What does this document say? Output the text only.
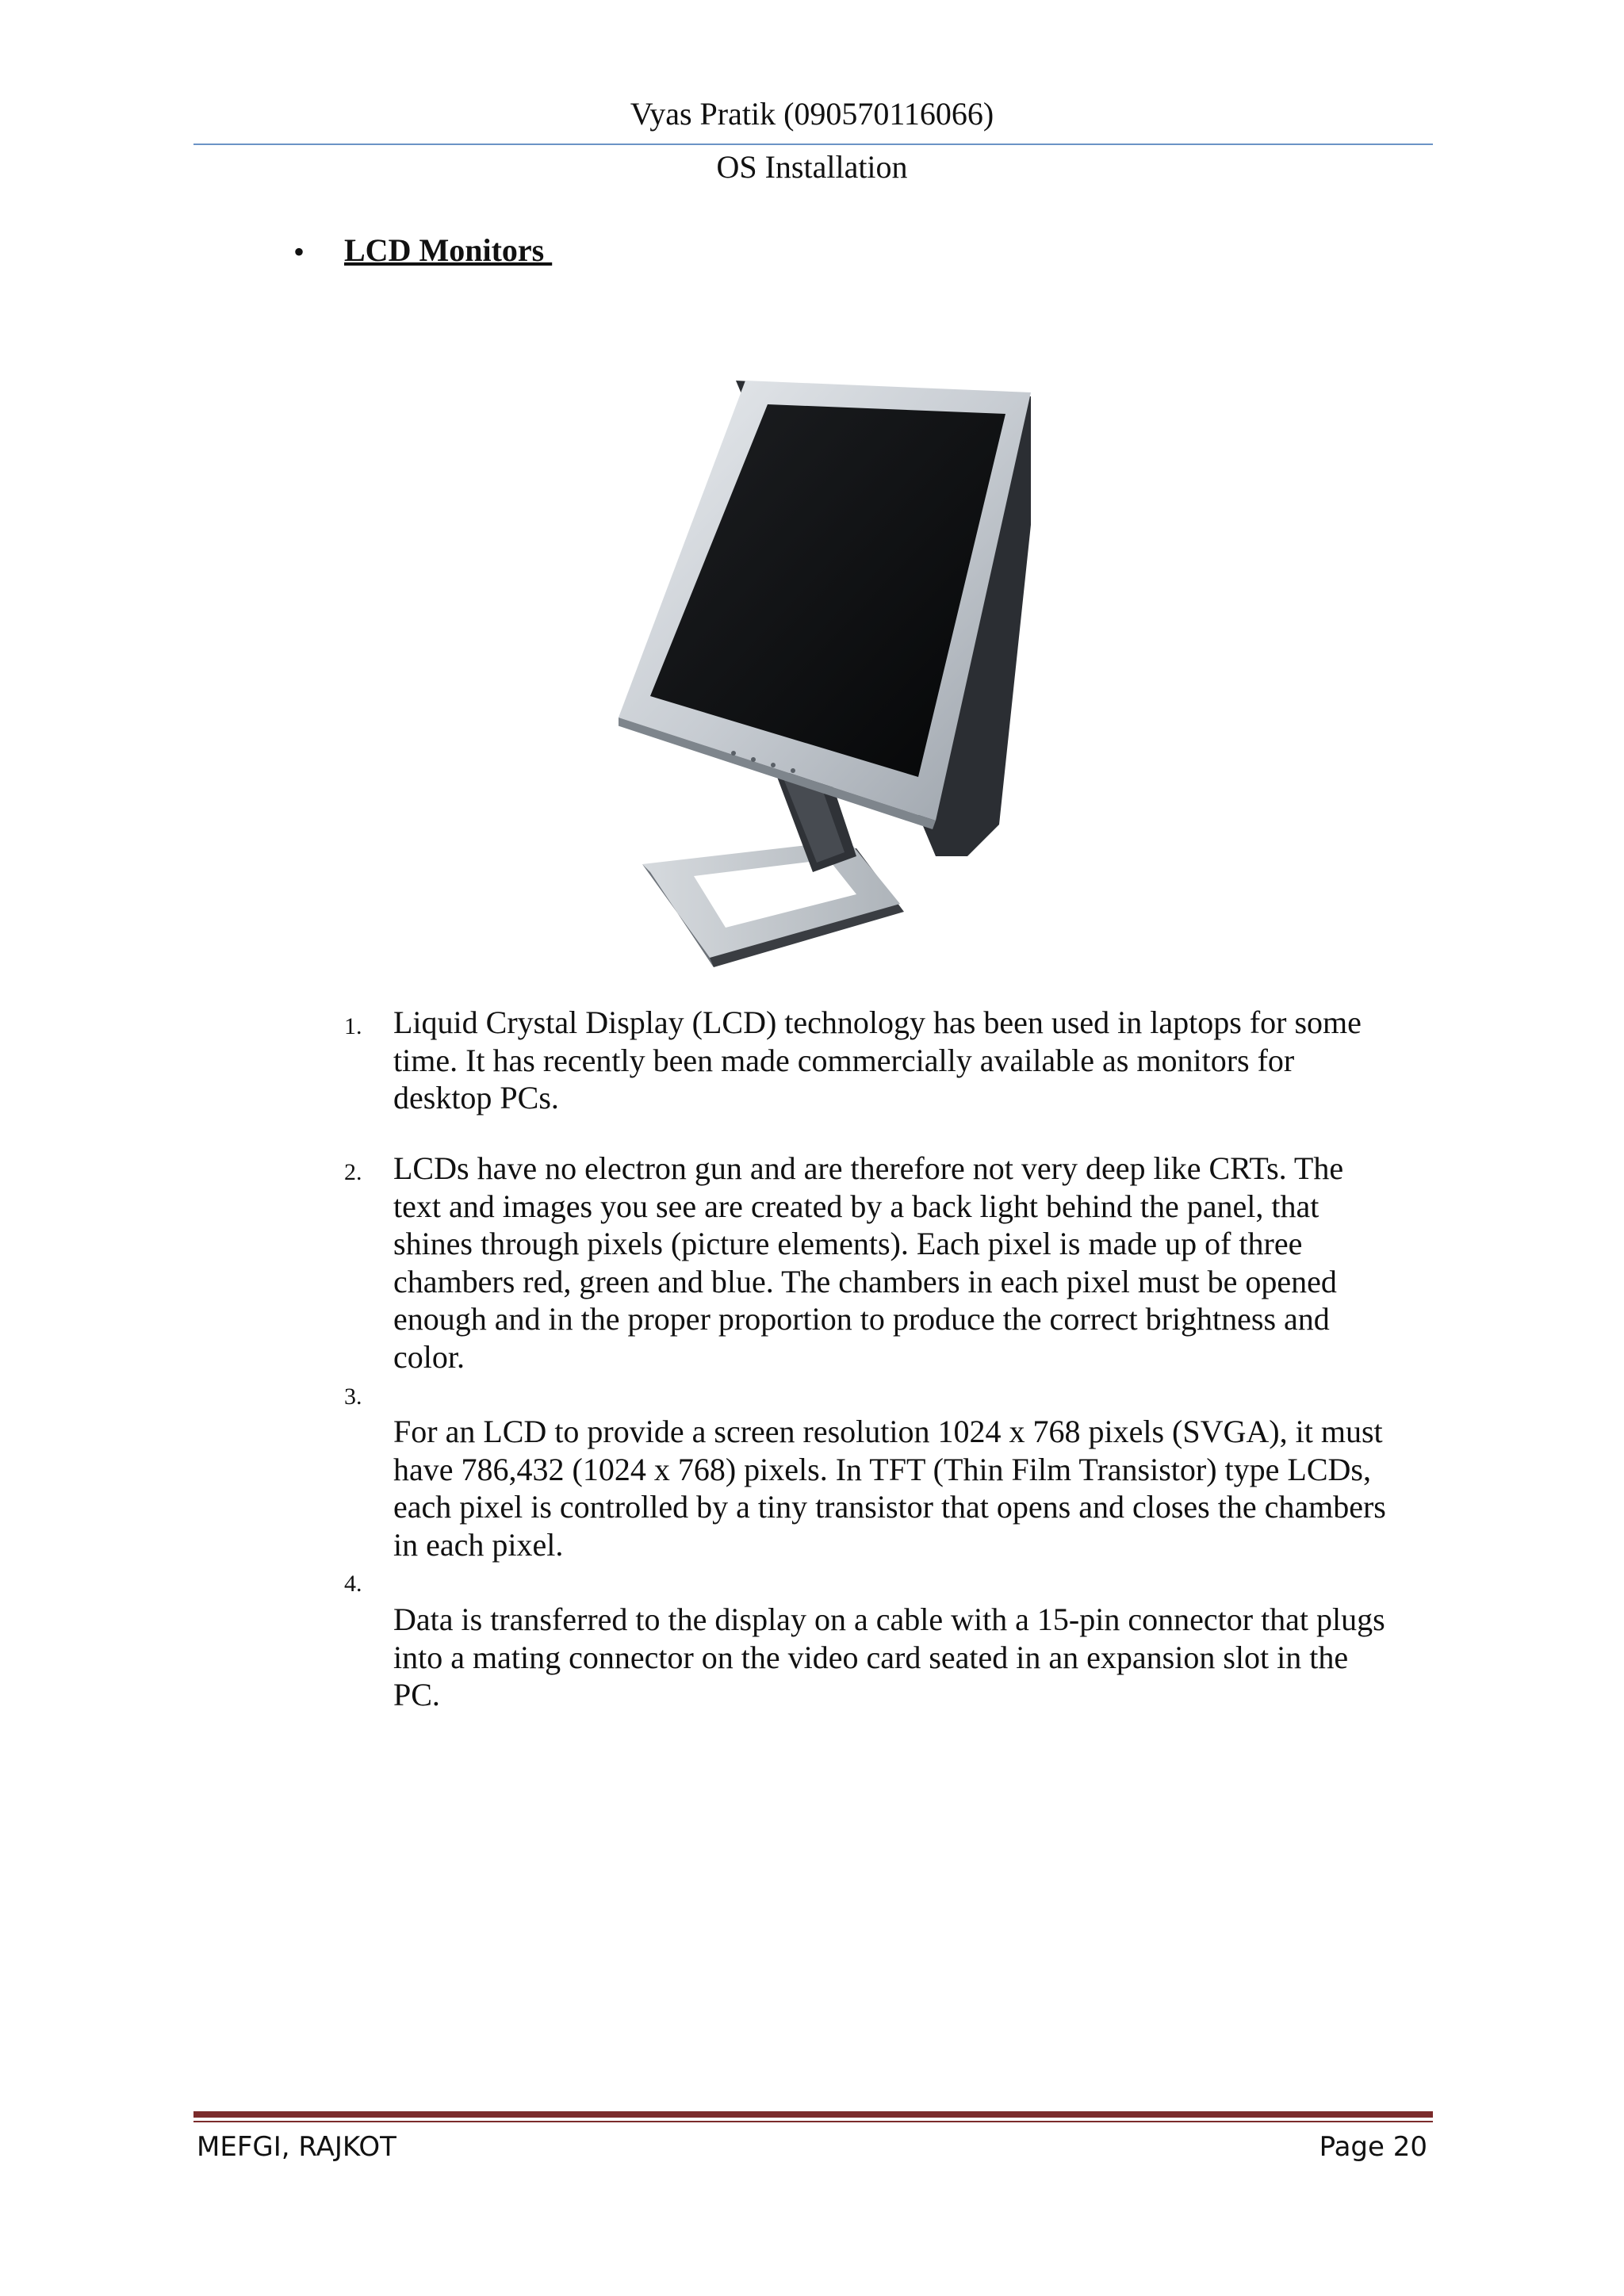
Vyas Pratik (090570116066)
OS Installation
• LCD Monitors
1. Liquid Crystal Display (LCD) technology has been used in laptops for some
time. It has recently been made commercially available as monitors for
desktop PCs.
2. LCDs have no electron gun and are therefore not very deep like CRTs. The
text and images you see are created by a back light behind the panel, that
shines through pixels (picture elements). Each pixel is made up of three
chambers red, green and blue. The chambers in each pixel must be opened
enough and in the proper proportion to produce the correct brightness and
color.
3.
For an LCD to provide a screen resolution 1024 x 768 pixels (SVGA), it must
have 786,432 (1024 x 768) pixels. In TFT (Thin Film Transistor) type LCDs,
each pixel is controlled by a tiny transistor that opens and closes the chambers
in each pixel.
4.
Data is transferred to the display on a cable with a 15-pin connector that plugs
into a mating connector on the video card seated in an expansion slot in the
PC.
MEFGI, RAJKOT	Page 20
